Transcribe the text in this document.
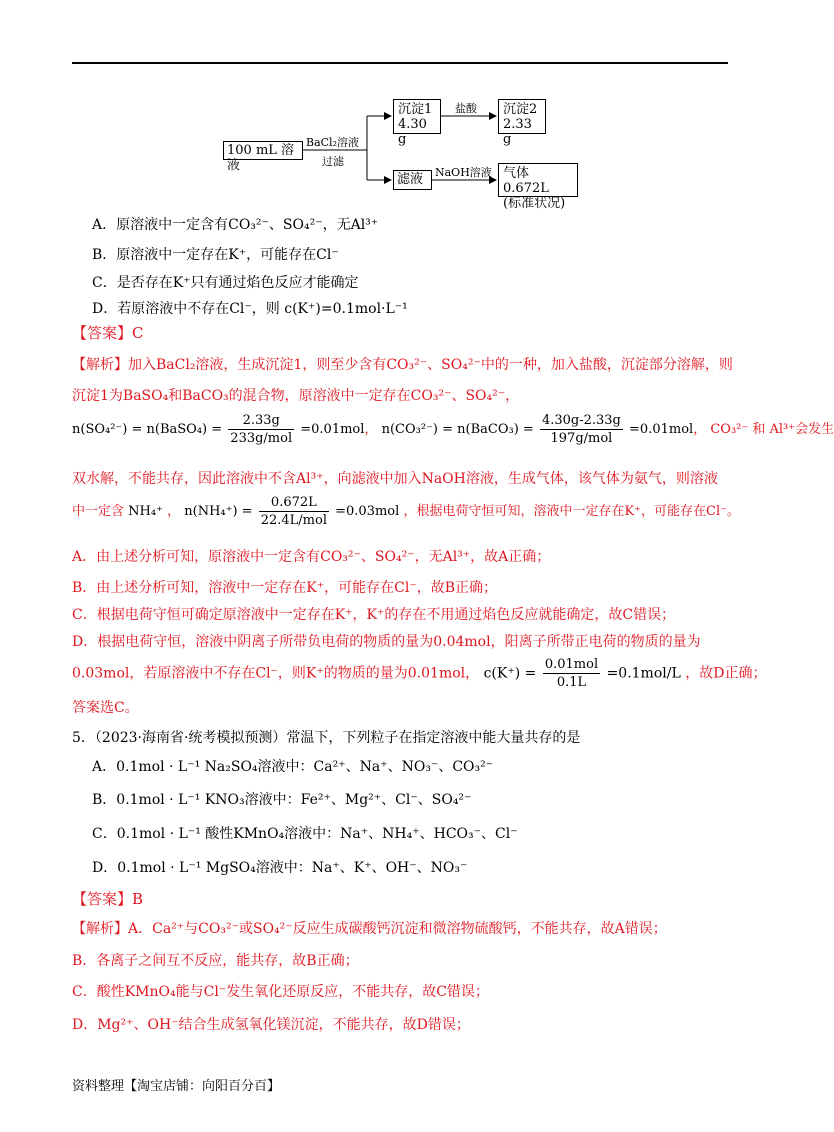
100 mL 溶液
BaCl₂溶液
过滤
沉淀1
4.30 g
盐酸 沉淀2
2.33 g
滤液	NaOH溶液 气体0.672L
(标准状况)
A．原溶液中一定含有CO₃²⁻、SO₄²⁻，无Al³⁺
B．原溶液中一定存在K⁺，可能存在Cl⁻
C．是否存在K⁺只有通过焰色反应才能确定
D．若原溶液中不存在Cl⁻，则 c(K⁺)=0.1mol·L⁻¹
【答案】C
【解析】加入BaCl₂溶液，生成沉淀1，则至少含有CO₃²⁻、SO₄²⁻中的一种，加入盐酸，沉淀部分溶解，则
沉淀1为BaSO₄和BaCO₃的混合物，原溶液中一定存在CO₃²⁻、SO₄²⁻，
n(SO₄²⁻) = n(BaSO₄) = $\frac{2.33g}{\text{233g/mol}} =0.01mol$， n(CO₃²⁻) = n(BaCO₃) = $\frac{4.30g-2.33g}{\text{197g/mol}} =0.01mol$， CO₃²⁻ 和 Al³⁺会发生
双水解，不能共存，因此溶液中不含Al³⁺，向滤液中加入NaOH溶液，生成气体，该气体为氨气，则溶液
中一定含 NH₄⁺ ， $n(NH_4^+) = \frac{0.672L}{\text{22.4L/mol}} =0.03mol$ ，根据电荷守恒可知，溶液中一定存在K⁺，可能存在Cl⁻。
A．由上述分析可知，原溶液中一定含有CO₃²⁻、SO₄²⁻，无Al³⁺，故A正确；
B．由上述分析可知，溶液中一定存在K⁺，可能存在Cl⁻，故B正确；
C．根据电荷守恒可确定原溶液中一定存在K⁺，K⁺的存在不用通过焰色反应就能确定，故C错误；
D．根据电荷守恒，溶液中阴离子所带负电荷的物质的量为0.04mol，阳离子所带正电荷的物质的量为
0.03mol，若原溶液中不存在Cl⁻，则K⁺的物质的量为0.01mol， $c(K^+) = \frac{\text{0.01mol}}{0.1L} =0.1mol/L$ ，故D正确；
答案选C。
5．（2023·海南省·统考模拟预测）常温下，下列粒子在指定溶液中能大量共存的是
A．0.1mol · L⁻¹ Na₂SO₄溶液中：Ca²⁺、Na⁺、NO₃⁻、CO₃²⁻
B．0.1mol · L⁻¹ KNO₃溶液中：Fe²⁺、Mg²⁺、Cl⁻、SO₄²⁻
C．0.1mol · L⁻¹ 酸性KMnO₄溶液中：Na⁺、NH₄⁺、HCO₃⁻、Cl⁻
D．0.1mol · L⁻¹ MgSO₄溶液中：Na⁺、K⁺、OH⁻、NO₃⁻
【答案】B
【解析】A．Ca²⁺与CO₃²⁻或SO₄²⁻反应生成碳酸钙沉淀和微溶物硫酸钙，不能共存，故A错误；
B．各离子之间互不反应，能共存，故B正确；
C．酸性KMnO₄能与Cl⁻发生氧化还原反应，不能共存，故C错误；
D．Mg²⁺、OH⁻结合生成氢氧化镁沉淀，不能共存，故D错误；
资料整理【淘宝店铺：向阳百分百】
